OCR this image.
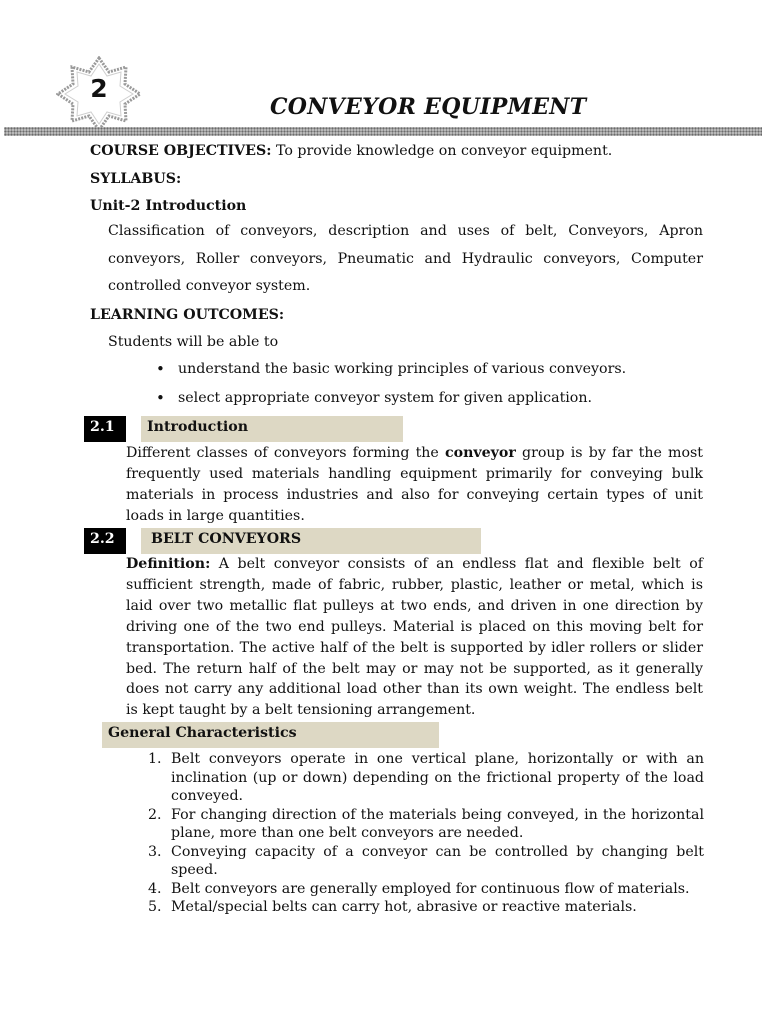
2
CONVEYOR EQUIPMENT
COURSE OBJECTIVES: To provide knowledge on conveyor equipment.
SYLLABUS:
Unit-2 Introduction
Classification of conveyors, description and uses of belt, Conveyors, Apron conveyors, Roller conveyors, Pneumatic and Hydraulic conveyors, Computer controlled conveyor system.
LEARNING OUTCOMES:
Students will be able to
• understand the basic working principles of various conveyors.
• select appropriate conveyor system for given application.
2.1	Introduction
Different classes of conveyors forming the conveyor group is by far the most frequently used materials handling equipment primarily for conveying bulk materials in process industries and also for conveying certain types of unit loads in large quantities.
2.2	BELT CONVEYORS
Definition: A belt conveyor consists of an endless flat and flexible belt of sufficient strength, made of fabric, rubber, plastic, leather or metal, which is laid over two metallic flat pulleys at two ends, and driven in one direction by driving one of the two end pulleys. Material is placed on this moving belt for transportation. The active half of the belt is supported by idler rollers or slider bed. The return half of the belt may or may not be supported, as it generally does not carry any additional load other than its own weight. The endless belt is kept taught by a belt tensioning arrangement.
General Characteristics
1. Belt conveyors operate in one vertical plane, horizontally or with an inclination (up or down) depending on the frictional property of the load conveyed.
2. For changing direction of the materials being conveyed, in the horizontal plane, more than one belt conveyors are needed.
3. Conveying capacity of a conveyor can be controlled by changing belt speed.
4. Belt conveyors are generally employed for continuous flow of materials.
5. Metal/special belts can carry hot, abrasive or reactive materials.
